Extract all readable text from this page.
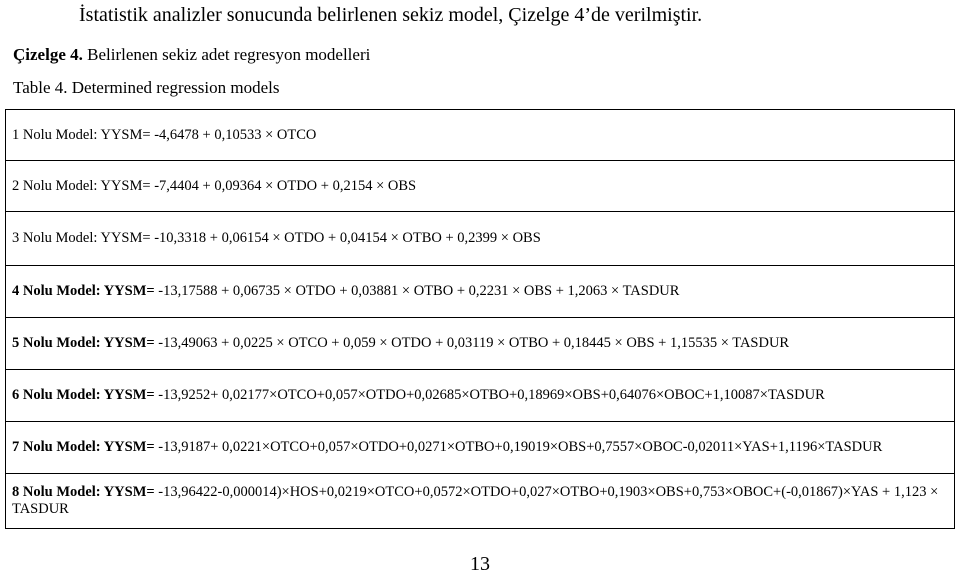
İstatistik analizler sonucunda belirlenen sekiz model, Çizelge 4’de verilmiştir.
Çizelge 4. Belirlenen sekiz adet regresyon modelleri
Table 4. Determined regression models
1 Nolu Model: YYSM= -4,6478 + 0,10533 × OTCO
2 Nolu Model: YYSM= -7,4404 + 0,09364 × OTDO + 0,2154 × OBS
3 Nolu Model: YYSM= -10,3318 + 0,06154 × OTDO + 0,04154 × OTBO + 0,2399 × OBS
4 Nolu Model: YYSM= -13,17588 + 0,06735 × OTDO + 0,03881 × OTBO + 0,2231 × OBS + 1,2063 × TASDUR
5 Nolu Model: YYSM= -13,49063 + 0,0225 × OTCO + 0,059 × OTDO + 0,03119 × OTBO + 0,18445 × OBS + 1,15535 × TASDUR
6 Nolu Model: YYSM= -13,9252+ 0,02177×OTCO+0,057×OTDO+0,02685×OTBO+0,18969×OBS+0,64076×OBOC+1,10087×TASDUR
7 Nolu Model: YYSM= -13,9187+ 0,0221×OTCO+0,057×OTDO+0,0271×OTBO+0,19019×OBS+0,7557×OBOC-0,02011×YAS+1,1196×TASDUR
8 Nolu Model: YYSM= -13,96422-0,000014)×HOS+0,0219×OTCO+0,0572×OTDO+0,027×OTBO+0,1903×OBS+0,753×OBOC+(-0,01867)×YAS + 1,123 × TASDUR
13
